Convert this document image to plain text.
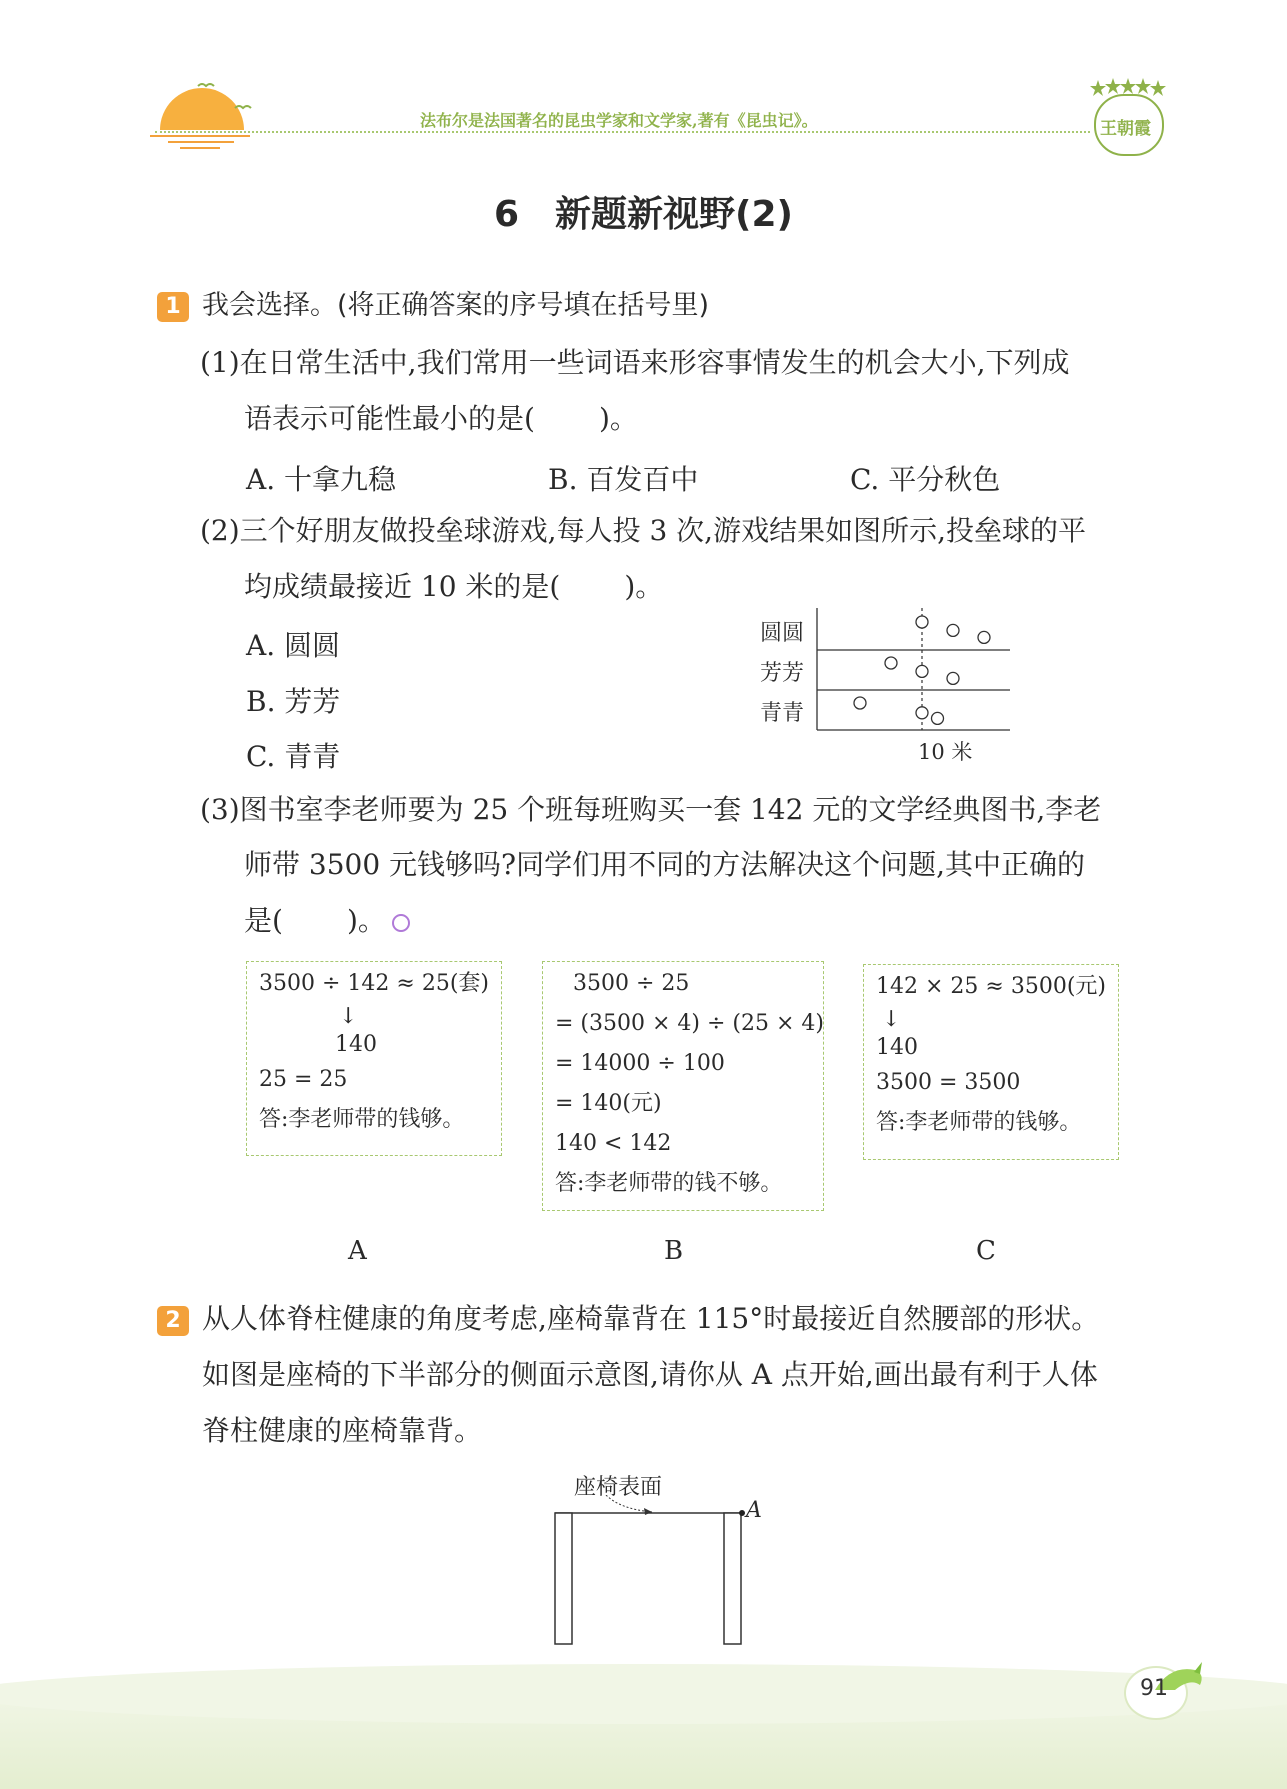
法布尔是法国著名的昆虫学家和文学家,著有《昆虫记》。	王朝霞
6　新题新视野(2)
1 我会选择。(将正确答案的序号填在括号里)
(1)在日常生活中,我们常用一些词语来形容事情发生的机会大小,下列成
语表示可能性最小的是( )。
A. 十拿九稳	B. 百发百中	C. 平分秋色
(2)三个好朋友做投垒球游戏,每人投 3 次,游戏结果如图所示,投垒球的平
均成绩最接近 10 米的是( )。
A. 圆圆
B. 芳芳
C. 青青
圆圆
芳芳
青青
10 米
(3)图书室李老师要为 25 个班每班购买一套 142 元的文学经典图书,李老
师带 3500 元钱够吗?同学们用不同的方法解决这个问题,其中正确的
是( )。
3500 ÷ 142 ≈ 25(套)
↓
140
25 = 25
答:李老师带的钱够。
3500 ÷ 25
= (3500 × 4) ÷ (25 × 4)
= 14000 ÷ 100
= 140(元)
140 < 142
答:李老师带的钱不够。
142 × 25 ≈ 3500(元)
↓
140
3500 = 3500
答:李老师带的钱够。
A	B	C
2 从人体脊柱健康的角度考虑,座椅靠背在 115°时最接近自然腰部的形状。
如图是座椅的下半部分的侧面示意图,请你从 A 点开始,画出最有利于人体
脊柱健康的座椅靠背。
座椅表面
A
91
